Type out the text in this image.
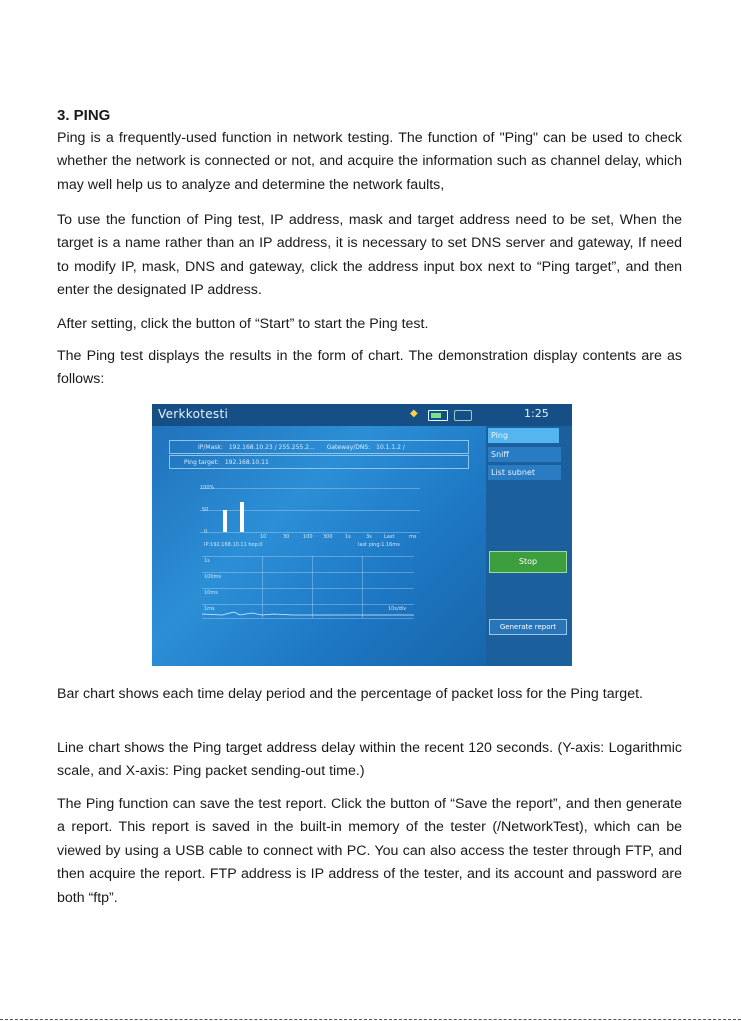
3. PING

Ping is a frequently-used function in network testing. The function of "Ping" can be used to check whether the network is connected or not, and acquire the information such as channel delay, which may well help us to analyze and determine the network faults,

To use the function of Ping test, IP address, mask and target address need to be set, When the target is a name rather than an IP address, it is necessary to set DNS server and gateway, If need to modify IP, mask, DNS and gateway, click the address input box next to “Ping target”, and then enter the designated IP address.

After setting, click the button of “Start” to start the Ping test.

The Ping test displays the results in the form of chart. The demonstration display contents are as follows:

Verkkotesti	◆	1:25
Ping
Sniff
List subnet
Stop
Generate report
IP/Mask: 192.168.10.23 / 255.255.2... Gateway/DNS: 10.1.1.2 /
Ping target: 192.168.10.11
100%
50
0
10	30	100 300 1s	3s Last	ms
IP:192.168.10.11 hop:0	last ping:1.16ms
1s
100ms
10ms
1ms	10s/div

Bar chart shows each time delay period and the percentage of packet loss for the Ping target.

Line chart shows the Ping target address delay within the recent 120 seconds. (Y-axis: Logarithmic scale, and X-axis: Ping packet sending-out time.)

The Ping function can save the test report. Click the button of “Save the report”, and then generate a report. This report is saved in the built-in memory of the tester (/NetworkTest), which can be viewed by using a USB cable to connect with PC. You can also access the tester through FTP, and then acquire the report. FTP address is IP address of the tester, and its account and password are both “ftp”.
